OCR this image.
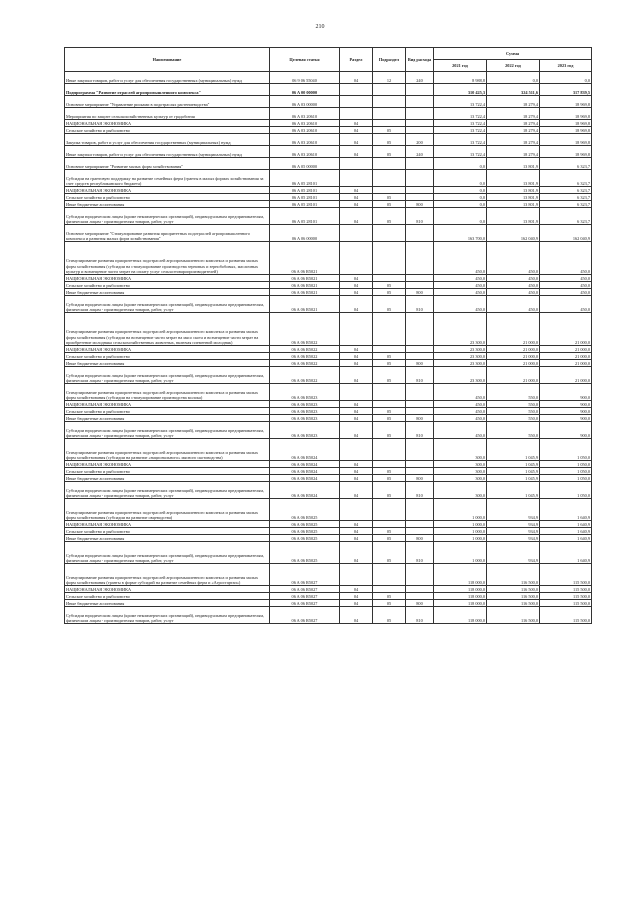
210
Наименование	Целевая статья	Раздел	Подраздел	Вид расхода	Сумма		
					2021 год	2022 год	2023 год
Иные закупки товаров, работ и услуг для обеспечения государственных (муниципальных) нужд	06 9 06 55040	04	12	240	8 988,8	0,0	0,0
Подпрограмма "Развитие отраслей агропромышленного комплекса"	06 A 00 00000				310 425,3	324 511,6	317 839,5
Основное мероприятие "Управление рисками в подотраслях растениеводства"	06 A 03 00000				13 722,4	18 279,4	18 969,8
Мероприятия по защите сельскохозяйственных культур от градобития	06 A 03 20610				13 722,4	18 279,4	18 969,8
НАЦИОНАЛЬНАЯ ЭКОНОМИКА	06 A 03 20610	04			13 722,4	18 279,4	18 969,8
Сельское хозяйство и рыболовство	06 A 03 20610	04	05		13 722,4	18 279,4	18 969,8
Закупка товаров, работ и услуг для обеспечения государственных (муниципальных) нужд	06 A 03 20610	04	05	200	13 722,4	18 279,4	18 969,8
Иные закупки товаров, работ и услуг для обеспечения государственных (муниципальных) нужд	06 A 03 20610	04	05	240	13 722,4	18 279,4	18 969,8
Основное мероприятие "Развитие малых форм хозяйствования"	06 A 05 00000				0,0	13 801,9	6 323,7
Субсидии на грантовую поддержку на развитие семейных ферм (гранты в малых формах хозяйствования за счет средств республиканского бюджета)	06 A 05 28101				0,0	13 801,9	6 323,7
НАЦИОНАЛЬНАЯ ЭКОНОМИКА	06 A 05 28101	04			0,0	13 801,9	6 323,7
Сельское хозяйство и рыболовство	06 A 05 28101	04	05		0,0	13 801,9	6 323,7
Иные бюджетные ассигнования	06 A 05 28101	04	05	800	0,0	13 801,9	6 323,7
Субсидии юридическим лицам (кроме некоммерческих организаций), индивидуальным предпринимателям, физическим лицам - производителям товаров, работ, услуг	06 A 05 28101	04	05	810	0,0	13 801,9	6 323,7
Основное мероприятие "Стимулирование развития приоритетных подотраслей агропромышленного комплекса и развития малых форм хозяйствования"	06 A 06 00000				163 700,0	162 040,9	162 040,9
Стимулирование развития приоритетных подотраслей агропромышленного комплекса и развития малых форм хозяйствования (субсидии на стимулирование производства зерновых и зернобобовых, масличных культур и возмещение части затрат на оплату услуг сельхозтоваропроизводителей)	06 A 06 R5021				450,0	450,0	450,0
НАЦИОНАЛЬНАЯ ЭКОНОМИКА	06 A 06 R5021	04			450,0	450,0	450,0
Сельское хозяйство и рыболовство	06 A 06 R5021	04	05		450,0	450,0	450,0
Иные бюджетные ассигнования	06 A 06 R5021	04	05	800	450,0	450,0	450,0
Субсидии юридическим лицам (кроме некоммерческих организаций), индивидуальным предпринимателям, физическим лицам - производителям товаров, работ, услуг	06 A 06 R5021	04	05	810	450,0	450,0	450,0
Стимулирование развития приоритетных подотраслей агропромышленного комплекса и развития малых форм хозяйствования (субсидии на возмещение части затрат на мясо скота и возмещение части затрат на приобретение молодняка сельскохозяйственных животных, включая племенной молодняк)	06 A 06 R5022				23 300,0	21 000,0	21 000,0
НАЦИОНАЛЬНАЯ ЭКОНОМИКА	06 A 06 R5022	04			23 300,0	21 000,0	21 000,0
Сельское хозяйство и рыболовство	06 A 06 R5022	04	05		23 300,0	21 000,0	21 000,0
Иные бюджетные ассигнования	06 A 06 R5022	04	05	800	23 300,0	21 000,0	21 000,0
Субсидии юридическим лицам (кроме некоммерческих организаций), индивидуальным предпринимателям, физическим лицам - производителям товаров, работ, услуг	06 A 06 R5022	04	05	810	23 300,0	21 000,0	21 000,0
Стимулирование развития приоритетных подотраслей агропромышленного комплекса и развития малых форм хозяйствования (субсидии на стимулирование производства молока)	06 A 06 R5023				450,0	550,0	900,0
НАЦИОНАЛЬНАЯ ЭКОНОМИКА	06 A 06 R5023	04			450,0	550,0	900,0
Сельское хозяйство и рыболовство	06 A 06 R5023	04	05		450,0	550,0	900,0
Иные бюджетные ассигнования	06 A 06 R5023	04	05	800	450,0	550,0	900,0
Субсидии юридическим лицам (кроме некоммерческих организаций), индивидуальным предпринимателям, физическим лицам - производителям товаров, работ, услуг	06 A 06 R5023	04	05	810	450,0	550,0	900,0
Стимулирование развития приоритетных подотраслей агропромышленного комплекса и развития малых форм хозяйствования (субсидии на развитие «национального» мясного скотоводства)	06 A 06 R5024				300,0	1 045,9	1 050,0
НАЦИОНАЛЬНАЯ ЭКОНОМИКА	06 A 06 R5024	04			300,0	1 045,9	1 050,0
Сельское хозяйство и рыболовство	06 A 06 R5024	04	05		300,0	1 045,9	1 050,0
Иные бюджетные ассигнования	06 A 06 R5024	04	05	800	300,0	1 045,9	1 050,0
Субсидии юридическим лицам (кроме некоммерческих организаций), индивидуальным предпринимателям, физическим лицам - производителям товаров, работ, услуг	06 A 06 R5024	04	05	810	300,0	1 045,9	1 050,0
Стимулирование развития приоритетных подотраслей агропромышленного комплекса и развития малых форм хозяйствования (субсидии на развитие овцеводства)	06 A 06 R5025				1 000,0	934,9	1 640,9
НАЦИОНАЛЬНАЯ ЭКОНОМИКА	06 A 06 R5025	04			1 000,0	934,9	1 640,9
Сельское хозяйство и рыболовство	06 A 06 R5025	04	05		1 000,0	934,9	1 640,9
Иные бюджетные ассигнования	06 A 06 R5025	04	05	800	1 000,0	934,9	1 640,9
Субсидии юридическим лицам (кроме некоммерческих организаций), индивидуальным предпринимателям, физическим лицам - производителям товаров, работ, услуг	06 A 06 R5025	04	05	810	1 000,0	934,9	1 640,9
Стимулирование развития приоритетных подотраслей агропромышленного комплекса и развития малых форм хозяйствования (гранты в форме субсидий на развитие семейных ферм и «Агростартап»)	06 A 06 R5027				118 000,0	116 500,0	115 500,0
НАЦИОНАЛЬНАЯ ЭКОНОМИКА	06 A 06 R5027	04			118 000,0	116 500,0	115 500,0
Сельское хозяйство и рыболовство	06 A 06 R5027	04	05		118 000,0	116 500,0	115 500,0
Иные бюджетные ассигнования	06 A 06 R5027	04	05	800	118 000,0	116 500,0	115 500,0
Субсидии юридическим лицам (кроме некоммерческих организаций), индивидуальным предпринимателям, физическим лицам - производителям товаров, работ, услуг	06 A 06 R5027	04	05	810	118 000,0	116 500,0	115 500,0
